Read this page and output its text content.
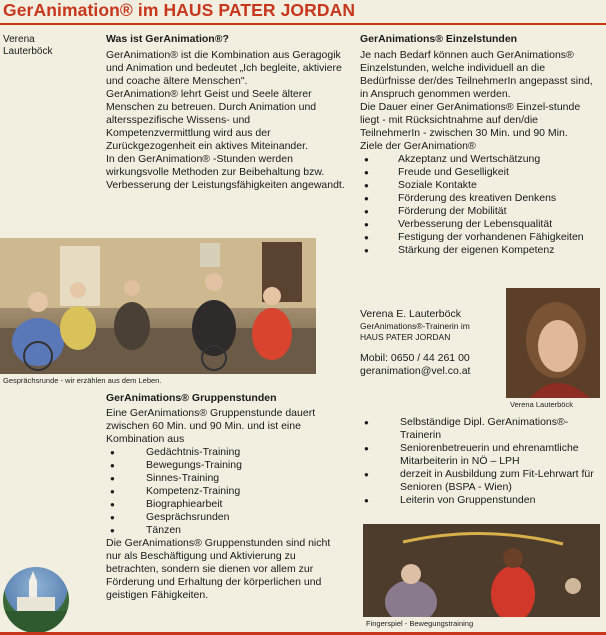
GerAnimation® im HAUS PATER JORDAN
Verena
Lauterböck
Was ist GerAnimation®?

GerAnimation® ist die Kombination aus Geragogik und Animation und bedeutet „Ich begleite, aktiviere und coache ältere Menschen".

GerAnimation® lehrt Geist und Seele älterer Menschen zu betreuen. Durch Animation und altersspezifische Wissens- und Kompetenzvermittlung wird aus der Zurückgezogenheit ein aktives Miteinander.

In den GerAnimation® -Stunden werden wirkungsvolle Methoden zur Beibehaltung bzw. Verbesserung der Leistungsfähigkeiten angewandt.

GerAnimations® Einzelstunden

Je nach Bedarf können auch GerAnimations® Einzelstunden, welche individuell an die Bedürfnisse der/des TeilnehmerIn angepasst sind, in Anspruch genommen werden.

Die Dauer einer GerAnimations® Einzel-stunde liegt - mit Rücksichtnahme auf den/die TeilnehmerIn - zwischen 30 Min. und 90 Min.

Ziele der GerAnimation®

● Akzeptanz und Wertschätzung
● Freude und Geselligkeit
● Soziale Kontakte
● Förderung des kreativen Denkens
● Förderung der Mobilität
● Verbesserung der Lebensqualität
● Festigung der vorhandenen Fähigkeiten
● Stärkung der eigenen Kompetenz
Gesprächsrunde - wir erzählen aus dem Leben.
GerAnimations® Gruppenstunden

Eine GerAnimations® Gruppenstunde dauert zwischen 60 Min. und 90 Min. und ist eine Kombination aus

● Gedächtnis-Training
● Bewegungs-Training
● Sinnes-Training
● Kompetenz-Training
● Biographiearbeit
● Gesprächsrunden
● Tänzen

Die GerAnimations® Gruppenstunden sind nicht nur als Beschäftigung und Aktivierung zu betrachten, sondern sie dienen vor allem zur Förderung und Erhaltung der körperlichen und geistigen Fähigkeiten.

Verena E. Lauterböck
GerAnimations®-Trainerin im
HAUS PATER JORDAN
Mobil: 0650 / 44 261 00
geranimation@vel.co.at
Verena Lauterböck
● Selbständige Dipl. GerAnimations®-Trainerin
● Seniorenbetreuerin und ehrenamtliche Mitarbeiterin in NÖ – LPH
● derzeit in Ausbildung zum Fit-Lehrwart für Senioren (BSPA - Wien)
● Leiterin von Gruppenstunden
Fingerspiel - Bewegungstraining
